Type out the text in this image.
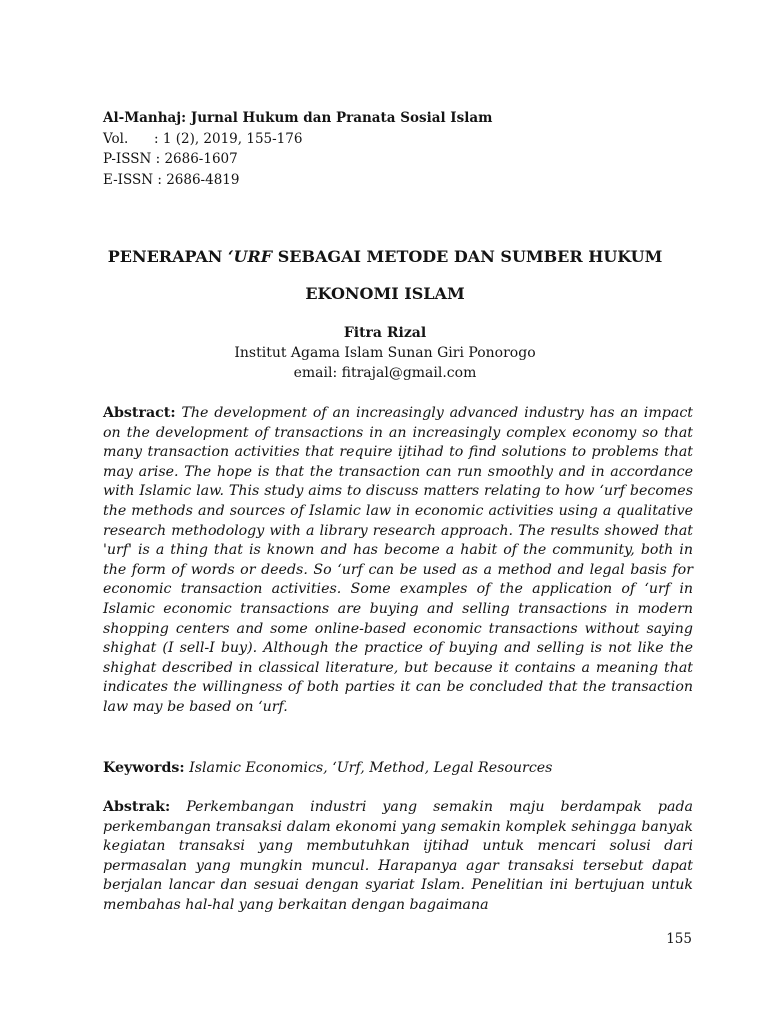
Al-Manhaj: Jurnal Hukum dan Pranata Sosial Islam
Vol.      : 1 (2), 2019, 155-176
P-ISSN : 2686-1607
E-ISSN : 2686-4819
PENERAPAN ‘URF SEBAGAI METODE DAN SUMBER HUKUM EKONOMI ISLAM
Fitra Rizal
Institut Agama Islam Sunan Giri Ponorogo
email: fitrajal@gmail.com
Abstract: The development of an increasingly advanced industry has an impact on the development of transactions in an increasingly complex economy so that many transaction activities that require ijtihad to find solutions to problems that may arise. The hope is that the transaction can run smoothly and in accordance with Islamic law. This study aims to discuss matters relating to how ‘urf becomes the methods and sources of Islamic law in economic activities using a qualitative research methodology with a library research approach. The results showed that 'urf' is a thing that is known and has become a habit of the community, both in the form of words or deeds. So ‘urf can be used as a method and legal basis for economic transaction activities. Some examples of the application of ‘urf in Islamic economic transactions are buying and selling transactions in modern shopping centers and some online-based economic transactions without saying shighat (I sell-I buy). Although the practice of buying and selling is not like the shighat described in classical literature, but because it contains a meaning that indicates the willingness of both parties it can be concluded that the transaction law may be based on ‘urf.
Keywords: Islamic Economics, ‘Urf, Method, Legal Resources
Abstrak: Perkembangan industri yang semakin maju berdampak pada perkembangan transaksi dalam ekonomi yang semakin komplek sehingga banyak kegiatan transaksi yang membutuhkan ijtihad untuk mencari solusi dari permasalan yang mungkin muncul. Harapanya agar transaksi tersebut dapat berjalan lancar dan sesuai dengan syariat Islam. Penelitian ini bertujuan untuk membahas hal-hal yang berkaitan dengan bagaimana
155
